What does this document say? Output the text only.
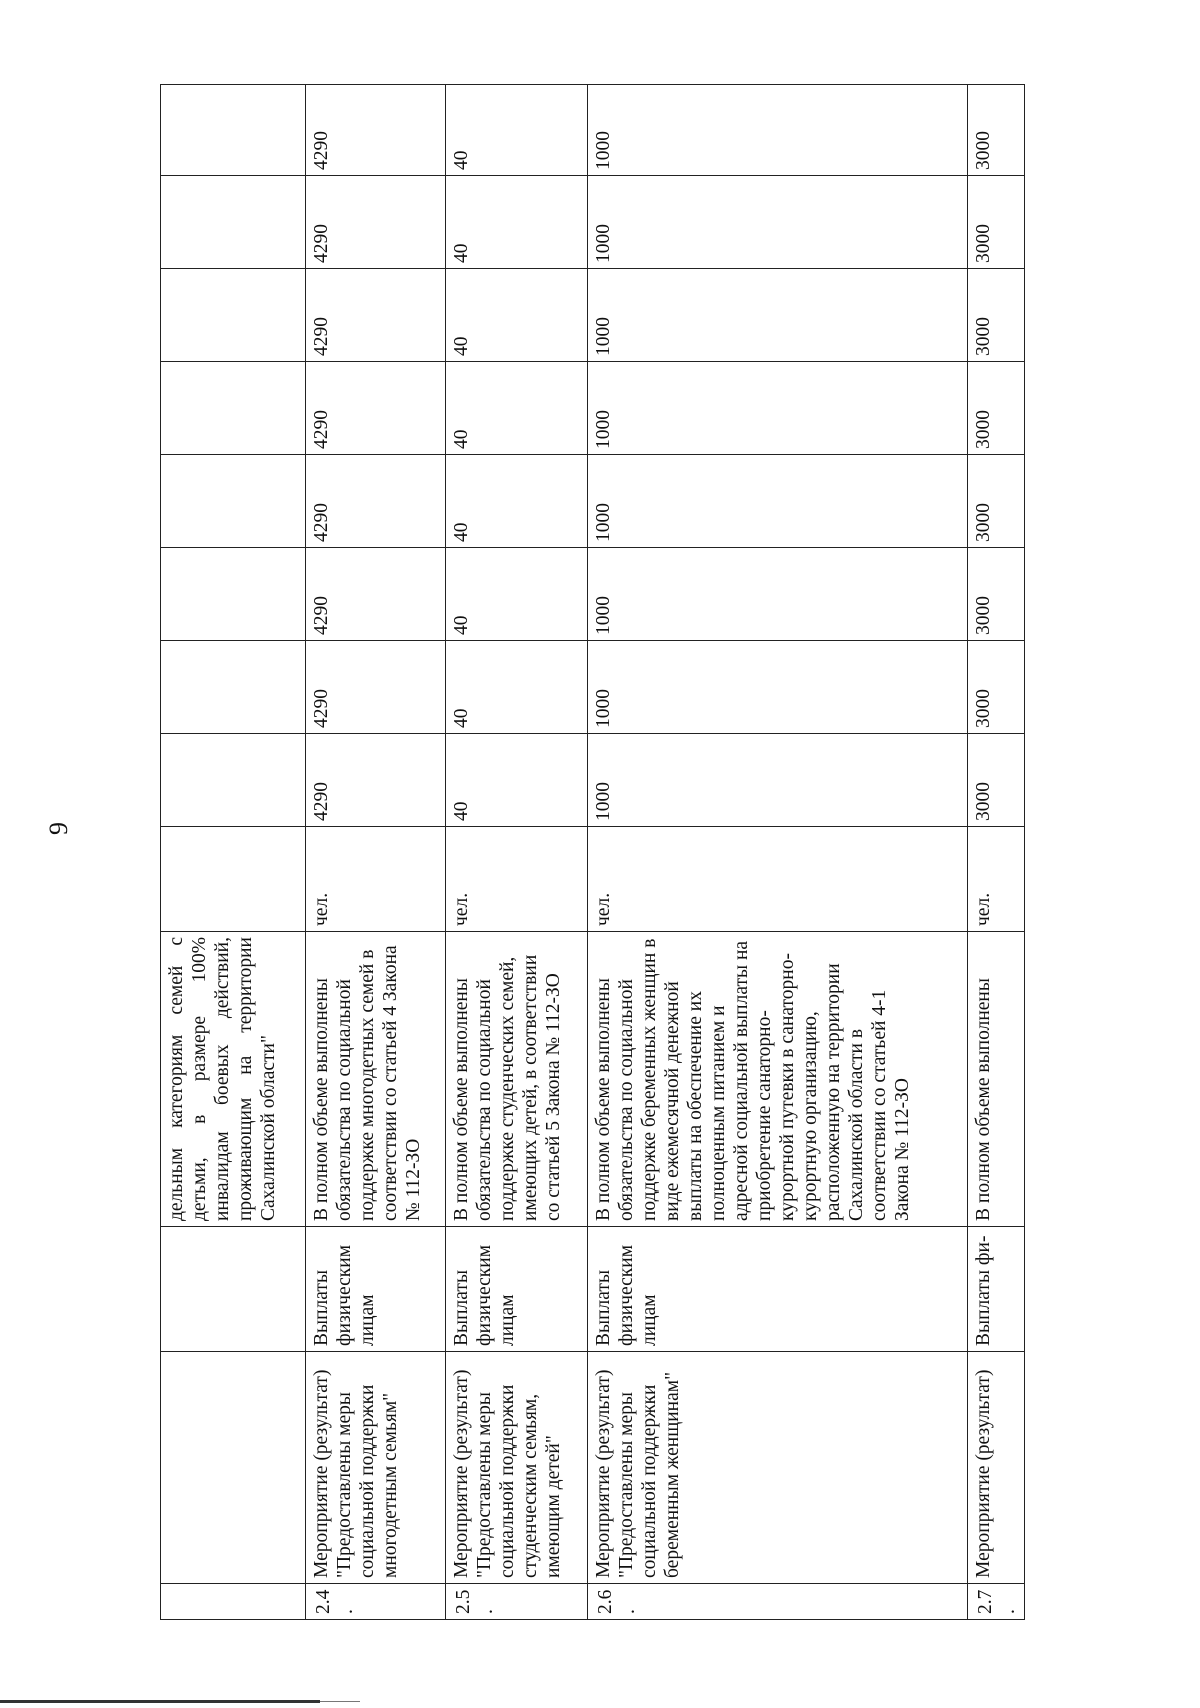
9
			дельным категориям семей с детьми, в размере 100% инвалидам боевых действий, проживающим на территории Сахалинской области"									
2.4.	Мероприятие (результат) "Предоставлены меры социальной поддержки многодетным семьям"	Выплаты физическим лицам	В полном объеме выполнены обязательства по социальной поддержке многодетных семей в соответствии со статьей 4 Закона № 112-ЗО	чел.	4290	4290	4290	4290	4290	4290	4290	4290
2.5.	Мероприятие (результат) "Предоставлены меры социальной поддержки студенческим семьям, имеющим детей"	Выплаты физическим лицам	В полном объеме выполнены обязательства по социальной поддержке студенческих семей, имеющих детей, в соответствии со статьей 5 Закона № 112-ЗО	чел.	40	40	40	40	40	40	40	40
2.6.	Мероприятие (результат) "Предоставлены меры социальной поддержки беременным женщинам"	Выплаты физическим лицам	В полном объеме выполнены обязательства по социальной поддержке беременных женщин в виде ежемесячной денежной выплаты на обеспечение их полноценным питанием и адресной социальной выплаты на приобретение санаторно-курортной путевки в санаторно-курортную организацию, расположенную на территории Сахалинской области в соответствии со статьей 4-1 Закона № 112-ЗО	чел.	1000	1000	1000	1000	1000	1000	1000	1000
2.7.	Мероприятие (результат)	Выплаты фи-	В полном объеме выполнены	чел.	3000	3000	3000	3000	3000	3000	3000	3000
